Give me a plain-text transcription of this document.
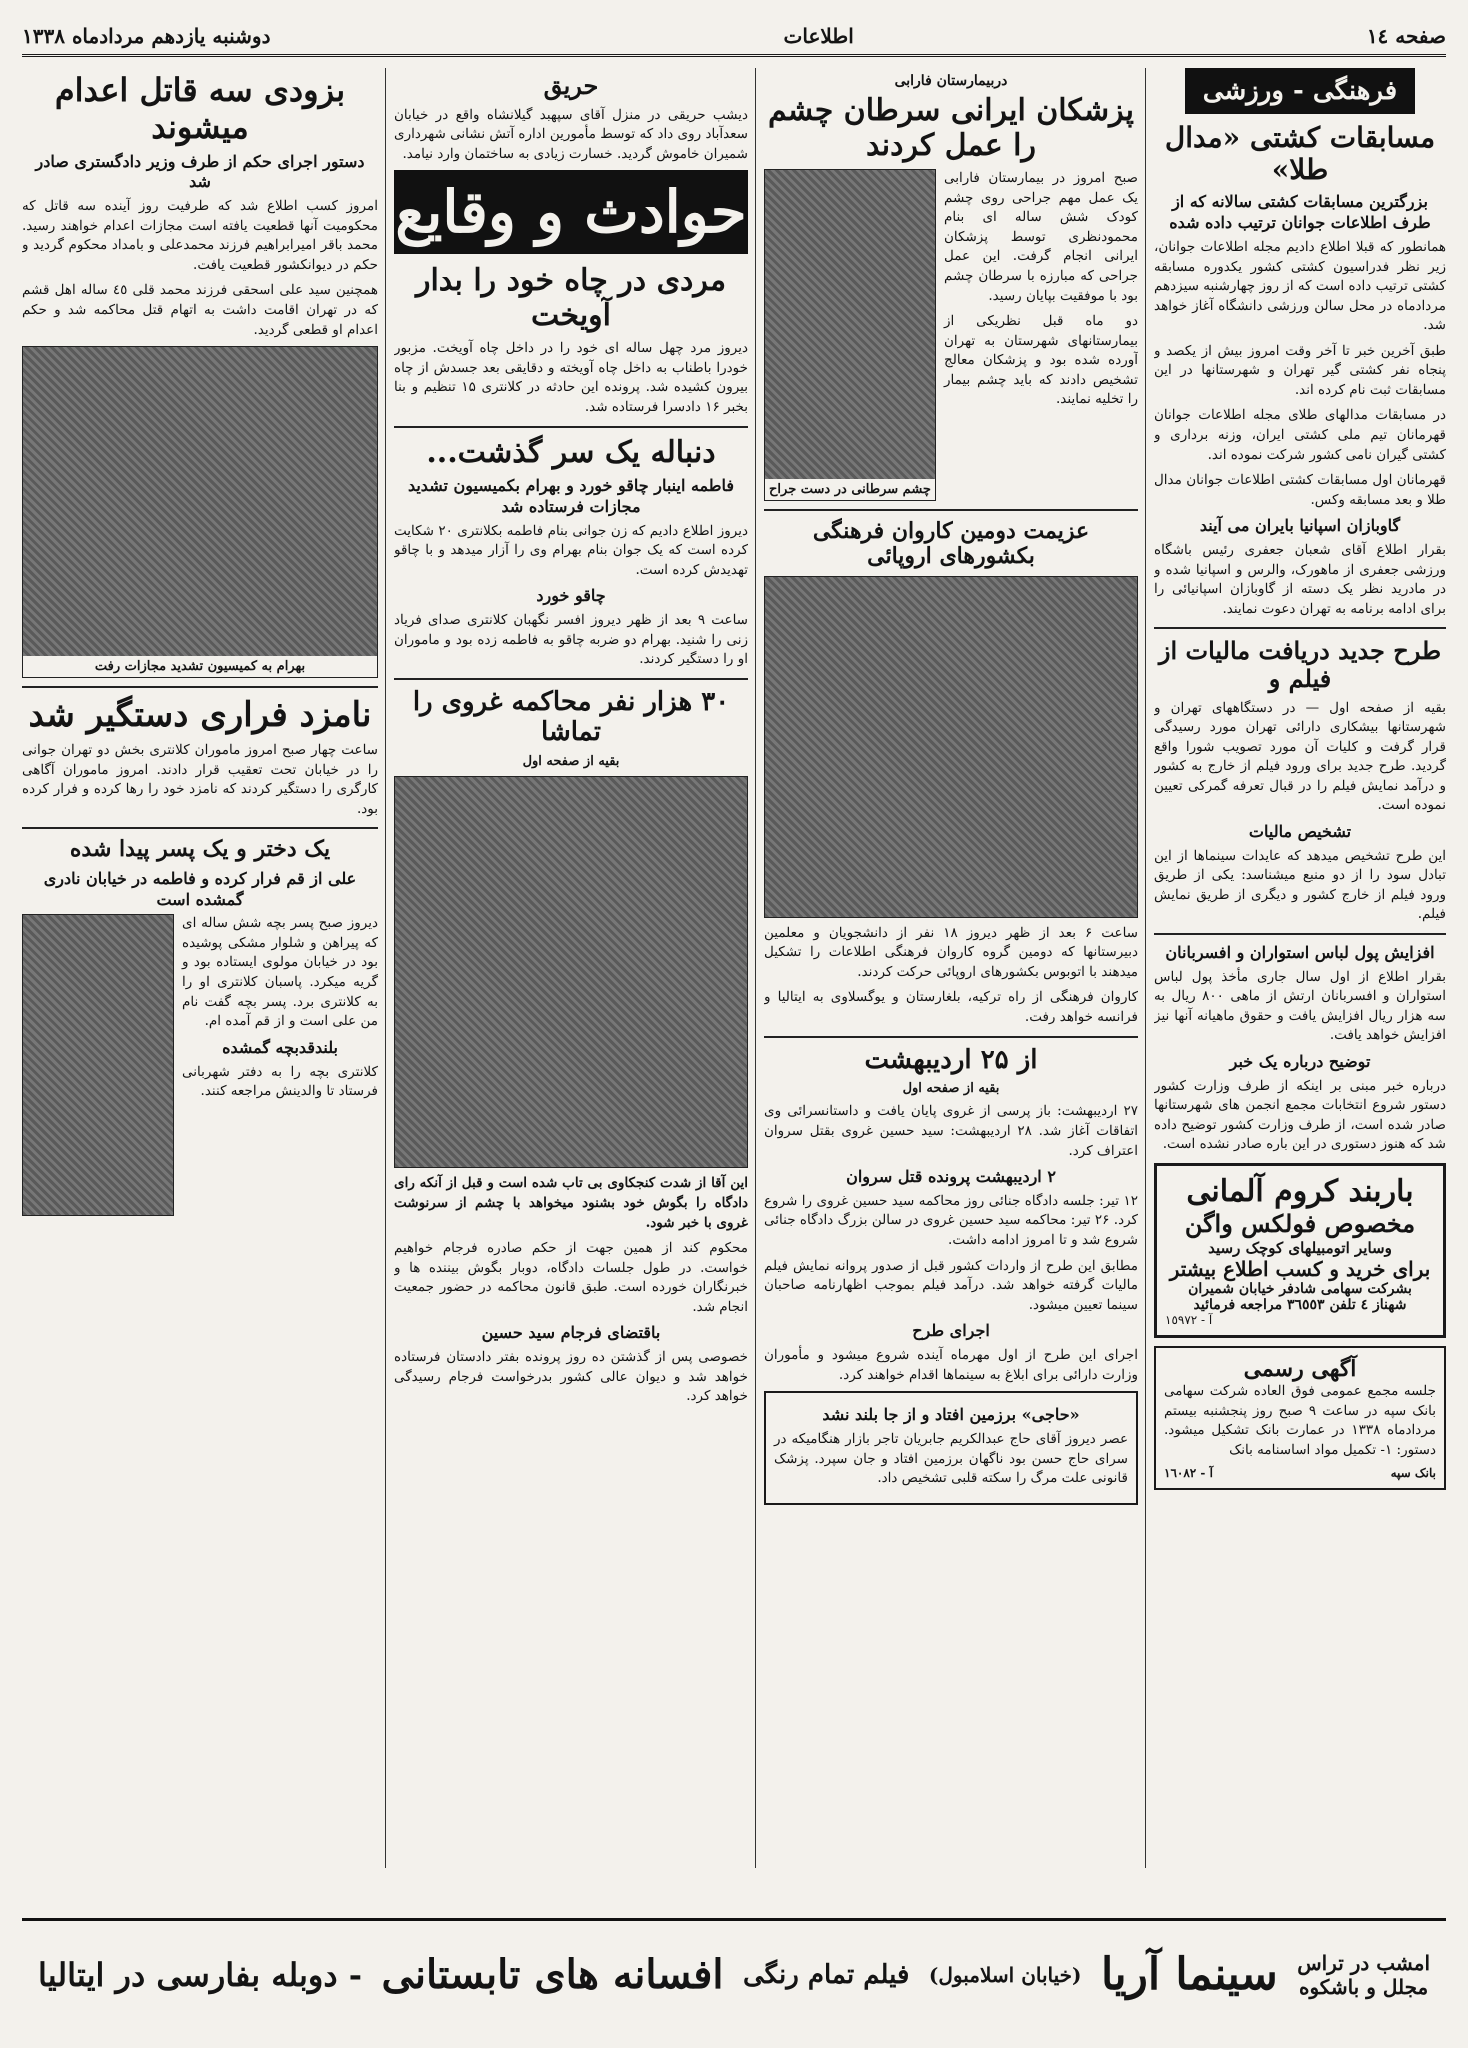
صفحه ١٤
اطلاعات
دوشنبه یازدهم مردادماه ۱۳۳۸
فرهنگی - ورزشی
مسابقات کشتی «مدال طلا»
بزرگترین مسابقات کشتی سالانه که از طرف اطلاعات جوانان ترتیب داده شده

همانطور که قبلا اطلاع دادیم مجله اطلاعات جوانان، زیر نظر فدراسیون کشتی کشور یکدوره مسابقه کشتی ترتیب داده است که از روز چهارشنبه سیزدهم مردادماه در محل سالن ورزشی دانشگاه آغاز خواهد شد.

طبق آخرین خبر تا آخر وقت امروز بیش از یکصد و پنجاه نفر کشتی گیر تهران و شهرستانها در این مسابقات ثبت نام کرده اند.

در مسابقات مدالهای طلای مجله اطلاعات جوانان قهرمانان تیم ملی کشتی ایران، وزنه برداری و کشتی گیران نامی کشور شرکت نموده اند.

قهرمانان اول مسابقات کشتی اطلاعات جوانان مدال طلا و بعد مسابقه وکس.

گاوبازان اسپانیا بایران می آیند

بقرار اطلاع آقای شعبان جعفری رئیس باشگاه ورزشی جعفری از ماهورک، والرس و اسپانیا شده و در مادرید نظر یک دسته از گاوبازان اسپانیائی را برای ادامه برنامه به تهران دعوت نمایند.

طرح جدید دریافت مالیات از فیلم و

بقیه از صفحه اول — در دستگاههای تهران و شهرستانها بیشکاری دارائی تهران مورد رسیدگی قرار گرفت و کلیات آن مورد تصویب شورا واقع گردید. طرح جدید برای ورود فیلم از خارج به کشور و درآمد نمایش فیلم را در قبال تعرفه گمرکی تعیین نموده است.

تشخیص مالیات

این طرح تشخیص میدهد که عایدات سینماها از این تبادل سود را از دو منبع میشناسد: یکی از طریق ورود فیلم از خارج کشور و دیگری از طریق نمایش فیلم.

افزایش پول لباس استواران و افسربانان

بقرار اطلاع از اول سال جاری مأخذ پول لباس استواران و افسربانان ارتش از ماهی ۸۰۰ ریال به سه هزار ریال افزایش یافت و حقوق ماهیانه آنها نیز افزایش خواهد یافت.

توضیح درباره یک خبر

درباره خبر مبنی بر اینکه از طرف وزارت کشور دستور شروع انتخابات مجمع انجمن های شهرستانها صادر شده است، از طرف وزارت کشور توضیح داده شد که هنوز دستوری در این باره صادر نشده است.

باربند کروم آلمانی
مخصوص فولکس واگن
وسایر اتومبیلهای کوچک رسید
برای خرید و کسب اطلاع بیشتر
بشرکت سهامی شادفر خیابان شمیران
شهناز ٤ تلفن ٣٦٥٥٣ مراجعه فرمائید
آ - ١٥٩٧٢
آگهی رسمی

جلسه مجمع عمومی فوق العاده شرکت سهامی بانک سپه در ساعت ۹ صبح روز پنجشنبه بیستم مردادماه ۱۳۳۸ در عمارت بانک تشکیل میشود. دستور: ۱- تکمیل مواد اساسنامه بانک

بانک سپه
آ - ١٦٠٨٢
دربیمارستان فارابی
پزشکان ایرانی سرطان چشم را عمل کردند

صبح امروز در بیمارستان فارابی یک عمل مهم جراحی روی چشم کودک شش ساله ای بنام محمودنظری توسط پزشکان ایرانی انجام گرفت. این عمل جراحی که مبارزه با سرطان چشم بود با موفقیت بپایان رسید.

دو ماه قبل نظریکی از بیمارستانهای شهرستان به تهران آورده شده بود و پزشکان معالج تشخیص دادند که باید چشم بیمار را تخلیه نمایند.

چشم سرطانی در دست جراح
عزیمت دومین کاروان فرهنگی بکشورهای اروپائی

ساعت ۶ بعد از ظهر دیروز ۱۸ نفر از دانشجویان و معلمین دبیرستانها که دومین گروه کاروان فرهنگی اطلاعات را تشکیل میدهند با اتوبوس بکشورهای اروپائی حرکت کردند.

کاروان فرهنگی از راه ترکیه، بلغارستان و یوگسلاوی به ایتالیا و فرانسه خواهد رفت.

از ۲۵ اردیبهشت
بقیه از صفحه اول

۲۷ اردیبهشت: باز پرسی از غروی پایان یافت و داستانسرائی وی اتفاقات آغاز شد. ۲۸ اردیبهشت: سید حسین غروی بقتل سروان اعتراف کرد.

۲ اردیبهشت پرونده قتل سروان

۱۲ تیر: جلسه دادگاه جنائی روز محاکمه سید حسین غروی را شروع کرد. ۲۶ تیر: محاکمه سید حسین غروی در سالن بزرگ دادگاه جنائی شروع شد و تا امروز ادامه داشت.

مطابق این طرح از واردات کشور قبل از صدور پروانه نمایش فیلم مالیات گرفته خواهد شد. درآمد فیلم بموجب اظهارنامه صاحبان سینما تعیین میشود.

اجرای طرح

اجرای این طرح از اول مهرماه آینده شروع میشود و مأموران وزارت دارائی برای ابلاغ به سینماها اقدام خواهند کرد.

«حاجی» برزمین افتاد و از جا بلند نشد

عصر دیروز آقای حاج عبدالکریم جابریان تاجر بازار هنگامیکه در سرای حاج حسن بود ناگهان برزمین افتاد و جان سپرد. پزشک قانونی علت مرگ را سکته قلبی تشخیص داد.

حریق

دیشب حریقی در منزل آقای سپهبد گیلانشاه واقع در خیابان سعدآباد روی داد که توسط مأمورین اداره آتش نشانی شهرداری شمیران خاموش گردید. خسارت زیادی به ساختمان وارد نیامد.

حوادث و وقایع
مردی در چاه خود را بدار آویخت

دیروز مرد چهل ساله ای خود را در داخل چاه آویخت. مزبور خودرا باطناب به داخل چاه آویخته و دقایقی بعد جسدش از چاه بیرون کشیده شد. پرونده این حادثه در کلانتری ۱۵ تنظیم و بنا بخبر ۱۶ دادسرا فرستاده شد.

دنباله یک سر گذشت...
فاطمه اینبار چاقو خورد و بهرام بکمیسیون تشدید مجازات فرستاده شد

دیروز اطلاع دادیم که زن جوانی بنام فاطمه بکلانتری ۲۰ شکایت کرده است که یک جوان بنام بهرام وی را آزار میدهد و با چاقو تهدیدش کرده است.

چاقو خورد

ساعت ۹ بعد از ظهر دیروز افسر نگهبان کلانتری صدای فریاد زنی را شنید. بهرام دو ضربه چاقو به فاطمه زده بود و ماموران او را دستگیر کردند.

۳۰ هزار نفر محاکمه غروی را تماشا
بقیه از صفحه اول

این آقا از شدت کنجکاوی بی تاب شده است و قبل از آنکه رای دادگاه را بگوش خود بشنود میخواهد با چشم از سرنوشت غروی با خبر شود.

محکوم کند از همین جهت از حکم صادره فرجام خواهیم خواست. در طول جلسات دادگاه، دوبار بگوش بیننده ها و خبرنگاران خورده است. طبق قانون محاکمه در حضور جمعیت انجام شد.

باقتضای فرجام سید حسین

خصوصی پس از گذشتن ده روز پرونده بفتر دادستان فرستاده خواهد شد و دیوان عالی کشور بدرخواست فرجام رسیدگی خواهد کرد.

بزودی سه قاتل اعدام میشوند
دستور اجرای حکم از طرف وزیر دادگستری صادر شد

امروز کسب اطلاع شد که طرفیت روز آینده سه قاتل که محکومیت آنها قطعیت یافته است مجازات اعدام خواهند رسید. محمد باقر امیرابراهیم فرزند محمدعلی و بامداد محکوم گردید و حکم در دیوانکشور قطعیت یافت.

همچنین سید علی اسحقی فرزند محمد قلی ٤٥ ساله اهل قشم که در تهران اقامت داشت به اتهام قتل محاکمه شد و حکم اعدام او قطعی گردید.

بهرام به کمیسیون تشدید مجازات رفت
نامزد فراری دستگیر شد

ساعت چهار صبح امروز ماموران کلانتری بخش دو تهران جوانی را در خیابان تحت تعقیب قرار دادند. امروز ماموران آگاهی کارگری را دستگیر کردند که نامزد خود را رها کرده و فرار کرده بود.

یک دختر و یک پسر پیدا شده
علی از قم فرار کرده و فاطمه در خیابان نادری گمشده است

دیروز صبح پسر بچه شش ساله ای که پیراهن و شلوار مشکی پوشیده بود در خیابان مولوی ایستاده بود و گریه میکرد. پاسبان کلانتری او را به کلانتری برد. پسر بچه گفت نام من علی است و از قم آمده ام.

بلندقدبچه گمشده

کلانتری بچه را به دفتر شهربانی فرستاد تا والدینش مراجعه کنند.

امشب در تراس
مجلل و باشکوه
سینما آریا
(خیابان اسلامبول)
فیلم تمام رنگی
افسانه های تابستانی
- دوبله بفارسی در ایتالیا
